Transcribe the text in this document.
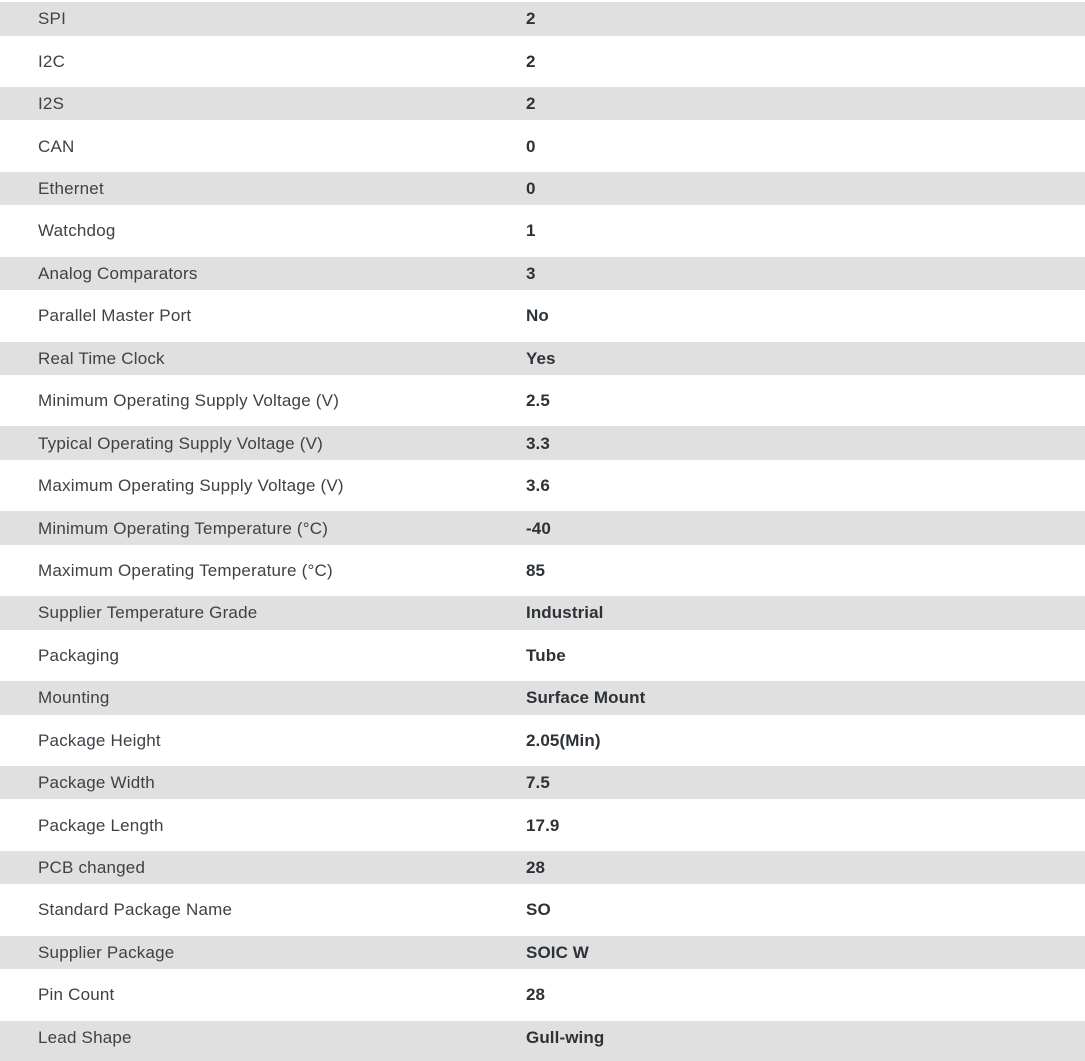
SPI	2
I2C	2
I2S	2
CAN	0
Ethernet	0
Watchdog	1
Analog Comparators	3
Parallel Master Port	No
Real Time Clock	Yes
Minimum Operating Supply Voltage (V)	2.5
Typical Operating Supply Voltage (V)	3.3
Maximum Operating Supply Voltage (V)	3.6
Minimum Operating Temperature (°C)	-40
Maximum Operating Temperature (°C)	85
Supplier Temperature Grade	Industrial
Packaging	Tube
Mounting	Surface Mount
Package Height	2.05(Min)
Package Width	7.5
Package Length	17.9
PCB changed	28
Standard Package Name	SO
Supplier Package	SOIC W
Pin Count	28
Lead Shape	Gull-wing
